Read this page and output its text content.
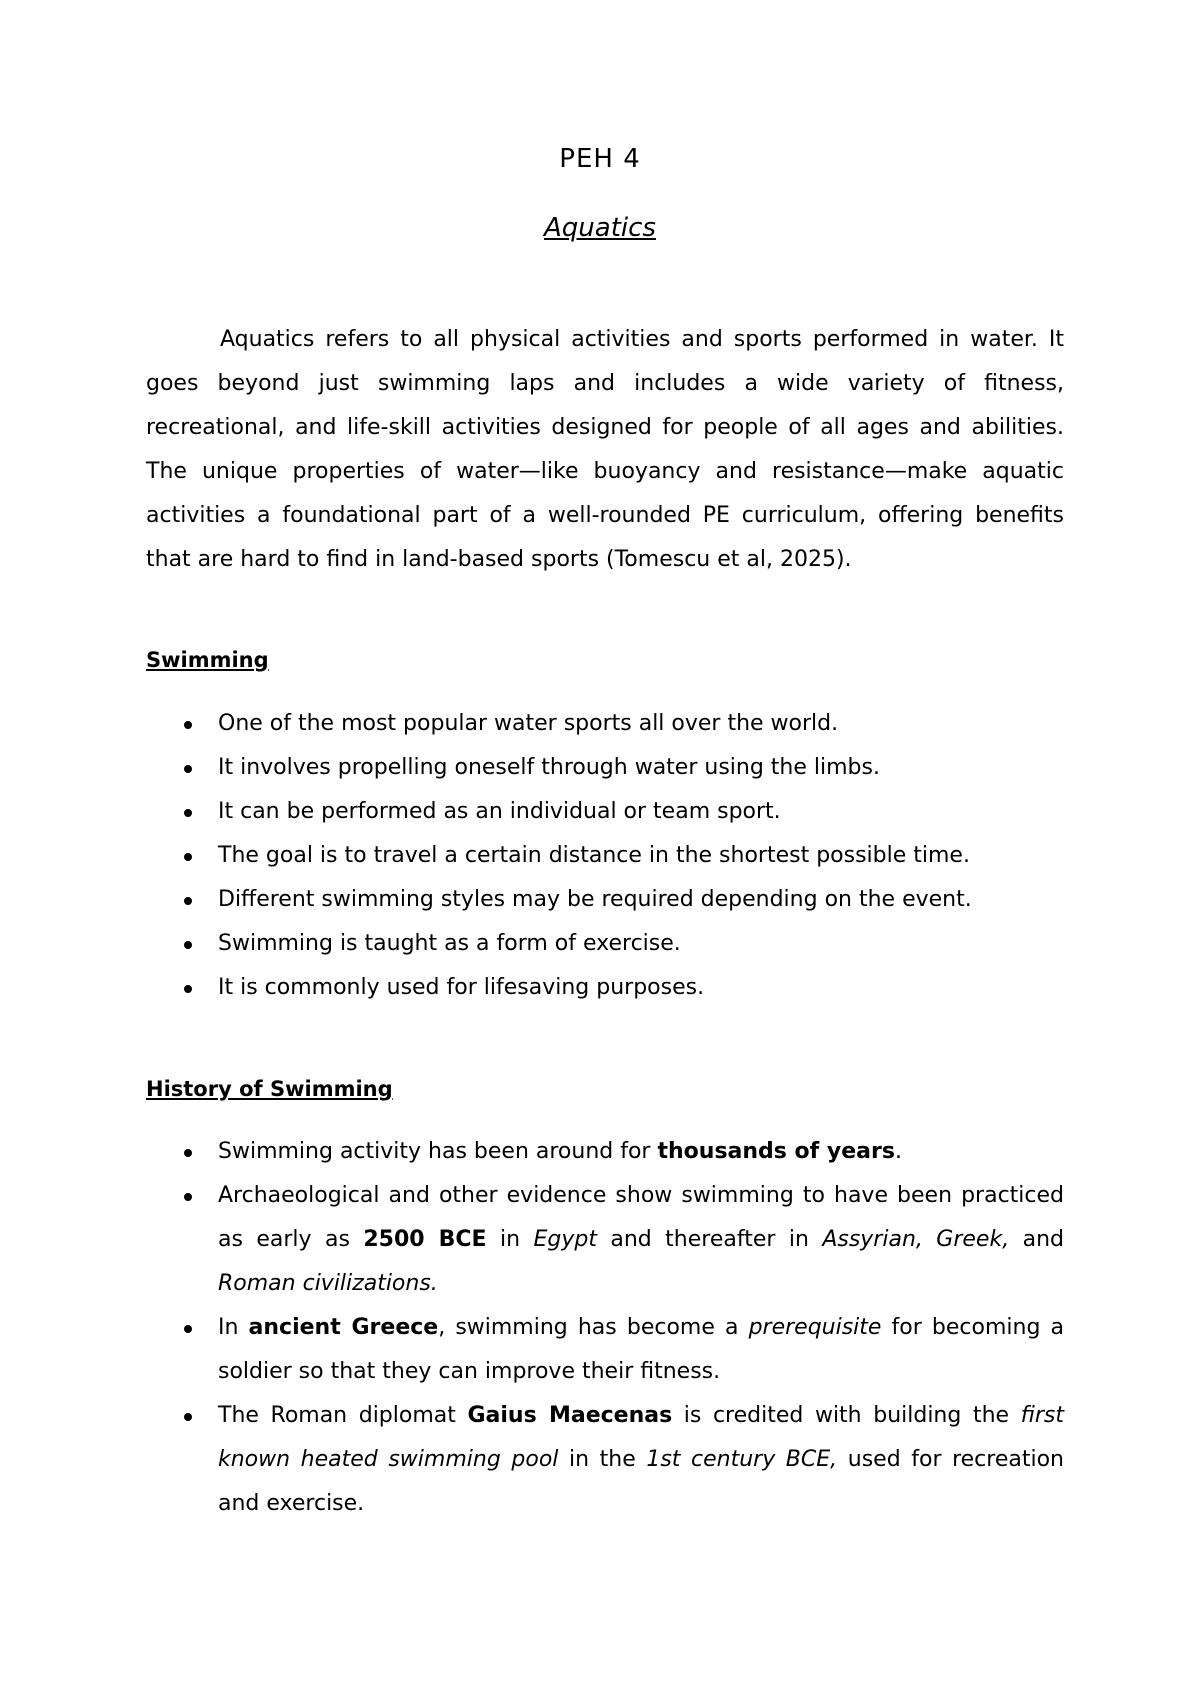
PEH 4
Aquatics

Aquatics refers to all physical activities and sports performed in water. It goes beyond just swimming laps and includes a wide variety of fitness, recreational, and life-skill activities designed for people of all ages and abilities. The unique properties of water—like buoyancy and resistance—make aquatic activities a foundational part of a well-rounded PE curriculum, offering benefits that are hard to find in land-based sports (Tomescu et al, 2025).

Swimming
One of the most popular water sports all over the world.
It involves propelling oneself through water using the limbs.
It can be performed as an individual or team sport.
The goal is to travel a certain distance in the shortest possible time.
Different swimming styles may be required depending on the event.
Swimming is taught as a form of exercise.
It is commonly used for lifesaving purposes.
History of Swimming
Swimming activity has been around for thousands of years.
Archaeological and other evidence show swimming to have been practiced as early as 2500 BCE in Egypt and thereafter in Assyrian, Greek, and Roman civilizations.
In ancient Greece, swimming has become a prerequisite for becoming a soldier so that they can improve their fitness.
The Roman diplomat Gaius Maecenas is credited with building the first known heated swimming pool in the 1st century BCE, used for recreation and exercise.
